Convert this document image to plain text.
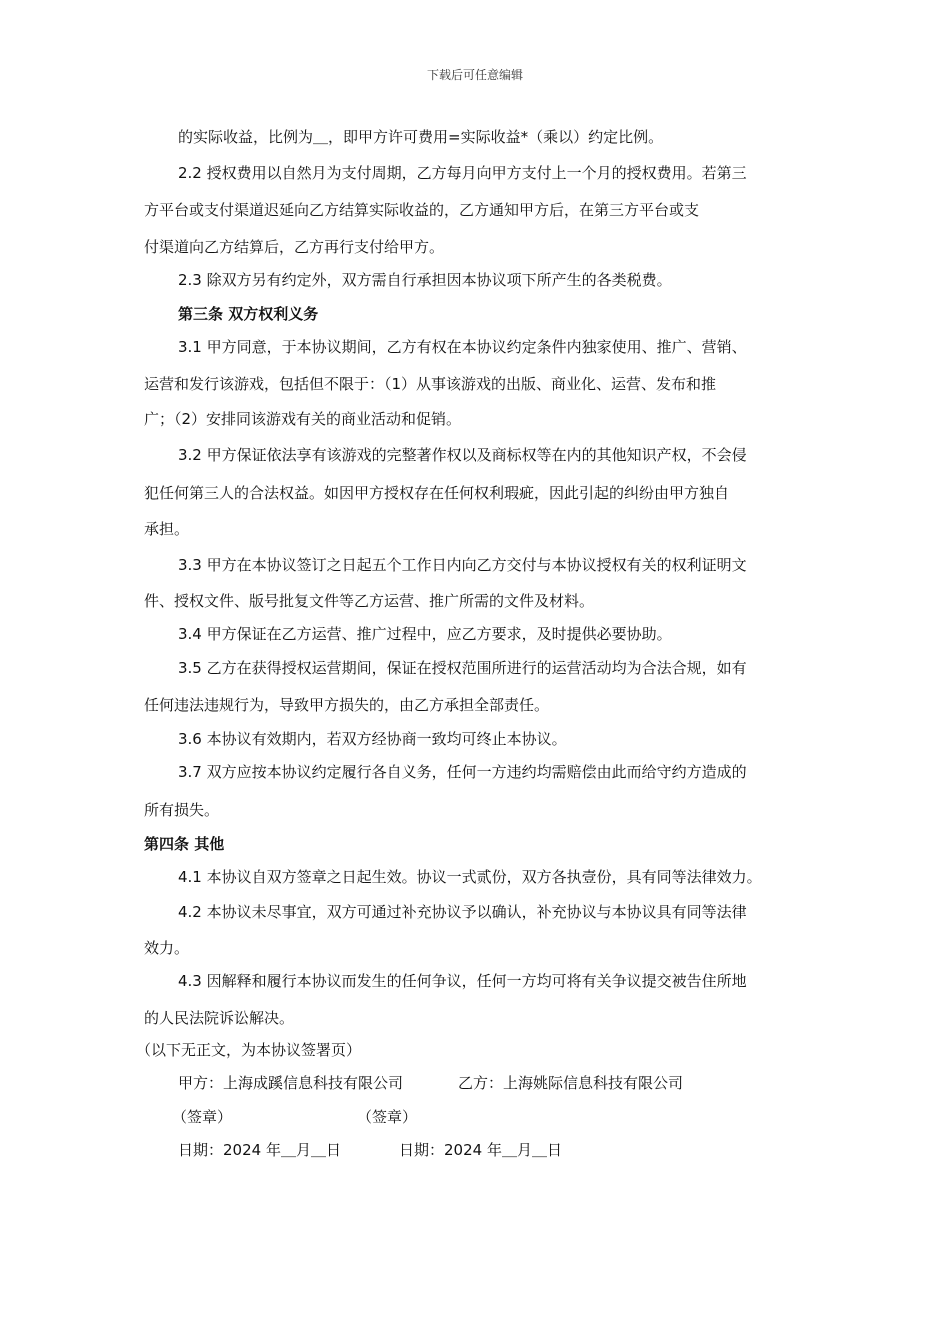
下载后可任意编辑
的实际收益，比例为＿，即甲方许可费用=实际收益*（乘以）约定比例。
2.2 授权费用以自然月为支付周期，乙方每月向甲方支付上一个月的授权费用。若第三
方平台或支付渠道迟延向乙方结算实际收益的，乙方通知甲方后，在第三方平台或支
付渠道向乙方结算后，乙方再行支付给甲方。
2.3 除双方另有约定外，双方需自行承担因本协议项下所产生的各类税费。
第三条 双方权利义务
3.1 甲方同意，于本协议期间，乙方有权在本协议约定条件内独家使用、推广、营销、
运营和发行该游戏，包括但不限于：（1）从事该游戏的出版、商业化、运营、发布和推
广；（2）安排同该游戏有关的商业活动和促销。
3.2 甲方保证依法享有该游戏的完整著作权以及商标权等在内的其他知识产权，不会侵
犯任何第三人的合法权益。如因甲方授权存在任何权利瑕疵，因此引起的纠纷由甲方独自
承担。
3.3 甲方在本协议签订之日起五个工作日内向乙方交付与本协议授权有关的权利证明文
件、授权文件、版号批复文件等乙方运营、推广所需的文件及材料。
3.4 甲方保证在乙方运营、推广过程中，应乙方要求，及时提供必要协助。
3.5 乙方在获得授权运营期间，保证在授权范围所进行的运营活动均为合法合规，如有
任何违法违规行为，导致甲方损失的，由乙方承担全部责任。
3.6 本协议有效期内，若双方经协商一致均可终止本协议。
3.7 双方应按本协议约定履行各自义务，任何一方违约均需赔偿由此而给守约方造成的
所有损失。
第四条 其他
4.1 本协议自双方签章之日起生效。协议一式贰份，双方各执壹份，具有同等法律效力。
4.2 本协议未尽事宜，双方可通过补充协议予以确认，补充协议与本协议具有同等法律
效力。
4.3 因解释和履行本协议而发生的任何争议，任何一方均可将有关争议提交被告住所地
的人民法院诉讼解决。
（以下无正文，为本协议签署页）
甲方：上海成蹊信息科技有限公司	乙方：上海姚际信息科技有限公司
（签章）	（签章）
日期：2024 年＿月＿日	日期：2024 年＿月＿日
